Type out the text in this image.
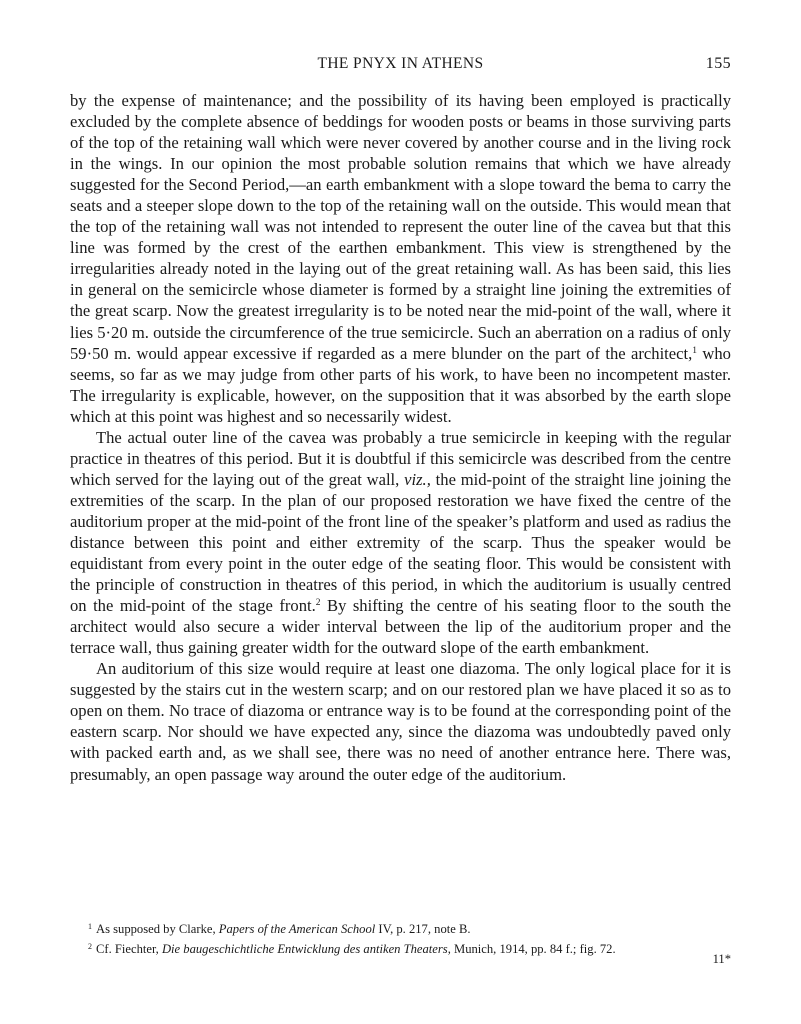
THE PNYX IN ATHENS	155

by the expense of maintenance; and the possibility of its having been employed is practically excluded by the complete absence of beddings for wooden posts or beams in those surviving parts of the top of the retaining wall which were never covered by another course and in the living rock in the wings. In our opinion the most probable solution remains that which we have already suggested for the Second Period,—an earth embankment with a slope toward the bema to carry the seats and a steeper slope down to the top of the retaining wall on the outside. This would mean that the top of the retaining wall was not intended to represent the outer line of the cavea but that this line was formed by the crest of the earthen embankment. This view is strengthened by the irregularities already noted in the laying out of the great retaining wall. As has been said, this lies in general on the semicircle whose diameter is formed by a straight line joining the extremities of the great scarp. Now the greatest irregularity is to be noted near the mid-point of the wall, where it lies 5·20 m. outside the circumference of the true semicircle. Such an aberration on a radius of only 59·50 m. would appear excessive if regarded as a mere blunder on the part of the architect,$^1$ who seems, so far as we may judge from other parts of his work, to have been no incompetent master. The irregularity is explicable, however, on the supposition that it was absorbed by the earth slope which at this point was highest and so necessarily widest.

The actual outer line of the cavea was probably a true semicircle in keeping with the regular practice in theatres of this period. But it is doubtful if this semicircle was described from the centre which served for the laying out of the great wall, viz., the mid-point of the straight line joining the extremities of the scarp. In the plan of our proposed restoration we have fixed the centre of the auditorium proper at the mid-point of the front line of the speaker’s platform and used as radius the distance between this point and either extremity of the scarp. Thus the speaker would be equidistant from every point in the outer edge of the seating floor. This would be consistent with the principle of construction in theatres of this period, in which the auditorium is usually centred on the mid-point of the stage front.$^2$ By shifting the centre of his seating floor to the south the architect would also secure a wider interval between the lip of the auditorium proper and the terrace wall, thus gaining greater width for the outward slope of the earth embankment.

An auditorium of this size would require at least one diazoma. The only logical place for it is suggested by the stairs cut in the western scarp; and on our restored plan we have placed it so as to open on them. No trace of diazoma or entrance way is to be found at the corresponding point of the eastern scarp. Nor should we have expected any, since the diazoma was undoubtedly paved only with packed earth and, as we shall see, there was no need of another entrance here. There was, presumably, an open passage way around the outer edge of the auditorium.

$^1$ As supposed by Clarke, Papers of the American School IV, p. 217, note B.

$^2$ Cf. Fiechter, Die baugeschichtliche Entwicklung des antiken Theaters, Munich, 1914, pp. 84 f.; fig. 72.

11*
